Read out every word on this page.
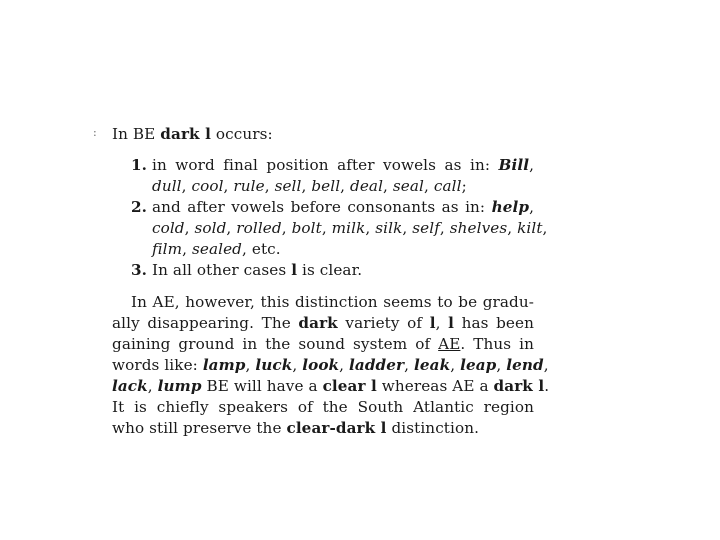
: In BE dark l occurs:
1. in word final position after vowels as in: Bill,
dull, cool, rule, sell, bell, deal, seal, call;
2. and after vowels before consonants as in: help,
cold, sold, rolled, bolt, milk, silk, self, shelves, kilt,
film, sealed, etc.
3. In all other cases l is clear.
In AE, however, this distinction seems to be gradu-
ally disappearing. The dark variety of l, l has been
gaining ground in the sound system of AE. Thus in
words like: lamp, luck, look, ladder, leak, leap, lend,
lack, lump BE will have a clear l whereas AE a dark l.
It is chiefly speakers of the South Atlantic region
who still preserve the clear-dark l distinction.
